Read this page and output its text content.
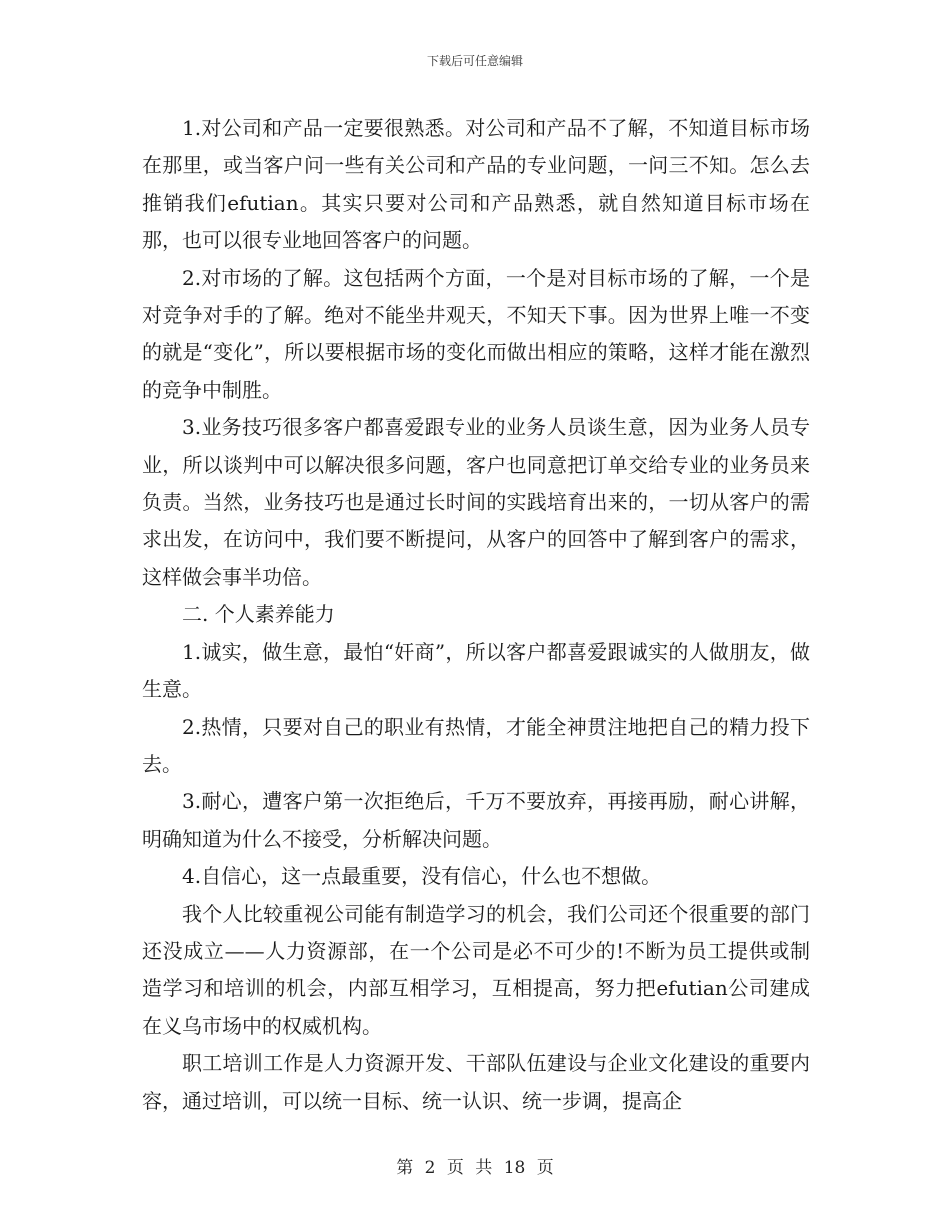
下载后可任意编辑

1.对公司和产品一定要很熟悉。对公司和产品不了解，不知道目标市场在那里，或当客户问一些有关公司和产品的专业问题，一问三不知。怎么去推销我们efutian。其实只要对公司和产品熟悉，就自然知道目标市场在那，也可以很专业地回答客户的问题。

2.对市场的了解。这包括两个方面，一个是对目标市场的了解，一个是对竞争对手的了解。绝对不能坐井观天，不知天下事。因为世界上唯一不变的就是“变化”，所以要根据市场的变化而做出相应的策略，这样才能在激烈的竞争中制胜。

3.业务技巧很多客户都喜爱跟专业的业务人员谈生意，因为业务人员专业，所以谈判中可以解决很多问题，客户也同意把订单交给专业的业务员来负责。当然，业务技巧也是通过长时间的实践培育出来的，一切从客户的需求出发，在访问中，我们要不断提问，从客户的回答中了解到客户的需求，这样做会事半功倍。

二. 个人素养能力

1.诚实，做生意，最怕“奸商”，所以客户都喜爱跟诚实的人做朋友，做生意。

2.热情，只要对自己的职业有热情，才能全神贯注地把自己的精力投下去。

3.耐心，遭客户第一次拒绝后，千万不要放弃，再接再励，耐心讲解，明确知道为什么不接受，分析解决问题。

4.自信心，这一点最重要，没有信心，什么也不想做。

我个人比较重视公司能有制造学习的机会，我们公司还个很重要的部门还没成立——人力资源部，在一个公司是必不可少的!不断为员工提供或制造学习和培训的机会，内部互相学习，互相提高，努力把efutian公司建成在义乌市场中的权威机构。

职工培训工作是人力资源开发、干部队伍建设与企业文化建设的重要内容，通过培训，可以统一目标、统一认识、统一步调，提高企

第 2 页 共 18 页
